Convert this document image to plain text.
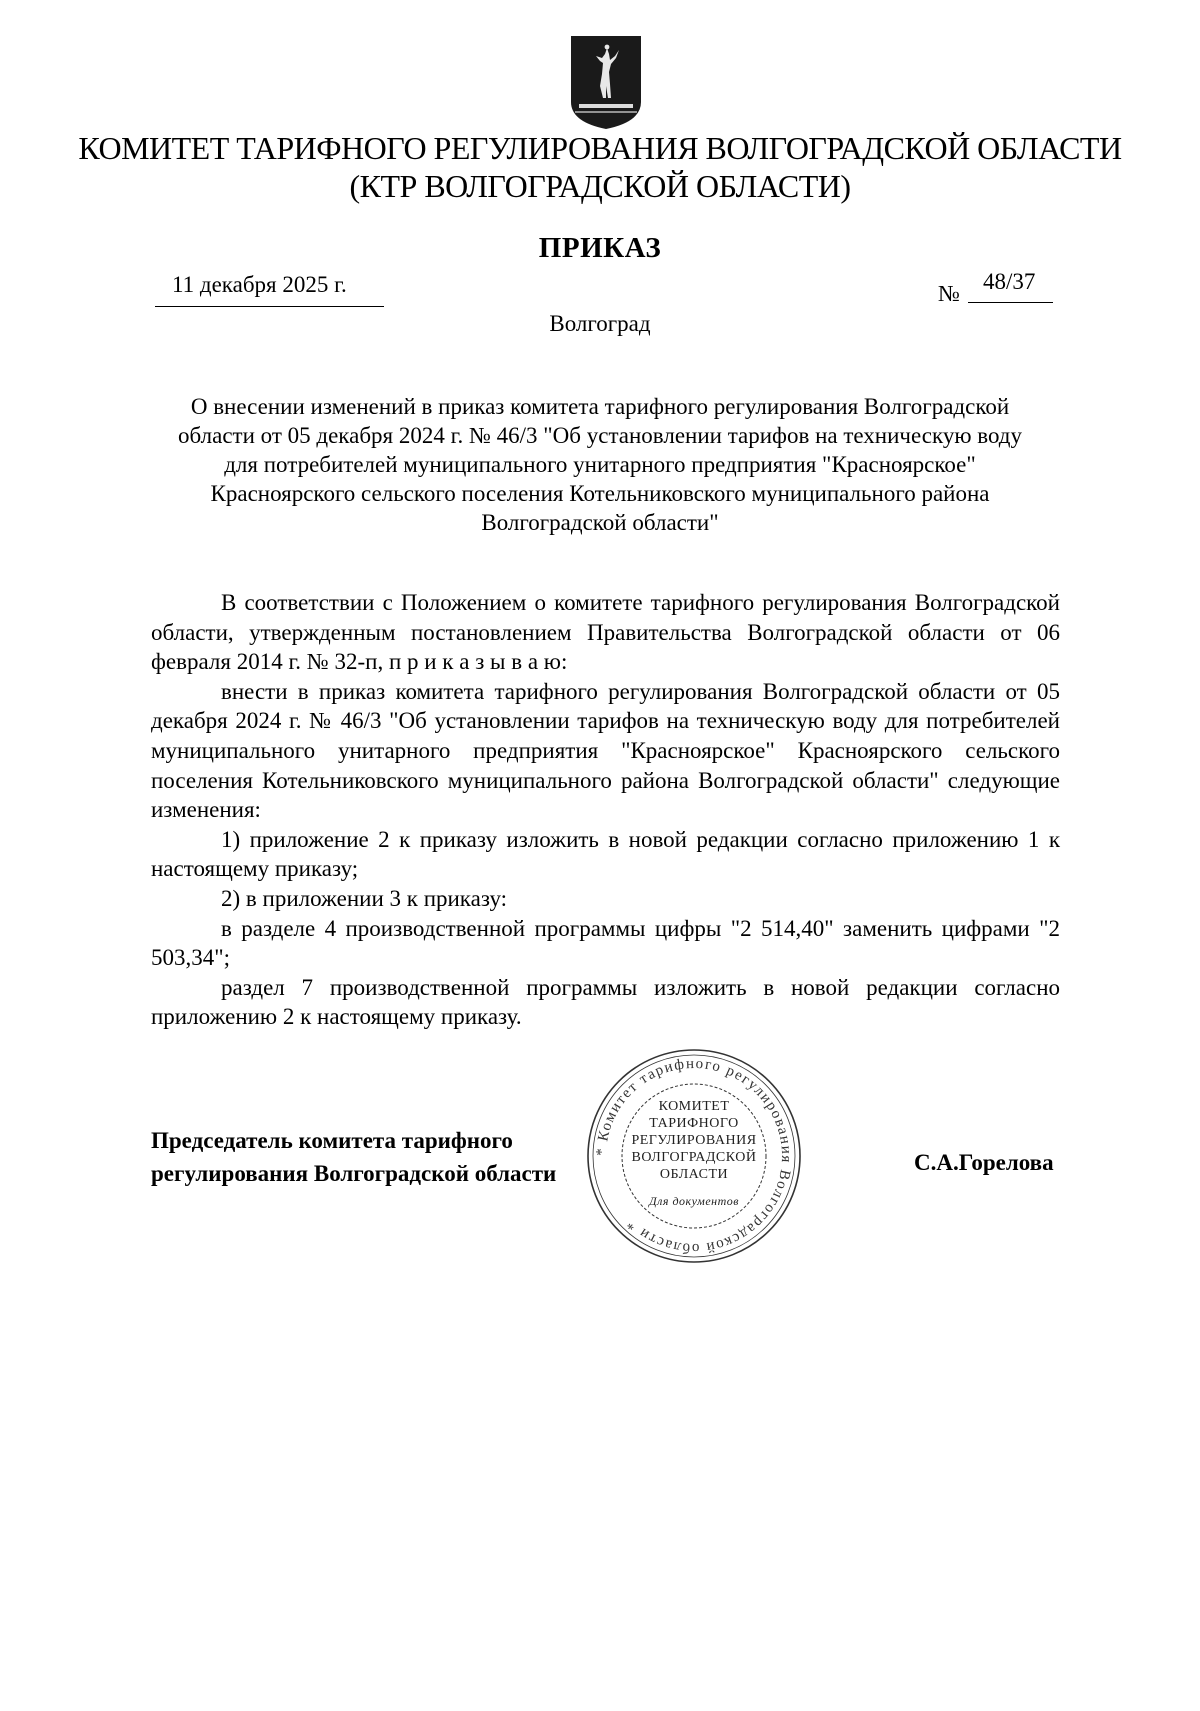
КОМИТЕТ ТАРИФНОГО РЕГУЛИРОВАНИЯ ВОЛГОГРАДСКОЙ ОБЛАСТИ
(КТР ВОЛГОГРАДСКОЙ ОБЛАСТИ)
ПРИКАЗ
11 декабря 2025 г.	№ 48/37
Волгоград
О внесении изменений в приказ комитета тарифного регулирования Волгоградской
области от 05 декабря 2024 г. № 46/3 "Об установлении тарифов на техническую воду
для потребителей муниципального унитарного предприятия "Красноярское"
Красноярского сельского поселения Котельниковского муниципального района
Волгоградской области"

В соответствии с Положением о комитете тарифного регулирования Волгоградской области, утвержденным постановлением Правительства Волгоградской области от 06 февраля 2014 г. № 32-п, п р и к а з ы в а ю:

внести в приказ комитета тарифного регулирования Волгоградской области от 05 декабря 2024 г. № 46/3 "Об установлении тарифов на техническую воду для потребителей муниципального унитарного предприятия "Красноярское" Красноярского сельского поселения Котельниковского муниципального района Волгоградской области" следующие изменения:

1) приложение 2 к приказу изложить в новой редакции согласно приложению 1 к настоящему приказу;

2) в приложении 3 к приказу:

в разделе 4 производственной программы цифры "2 514,40" заменить цифрами "2 503,34";

раздел 7 производственной программы изложить в новой редакции согласно приложению 2 к настоящему приказу.

Председатель комитета тарифного
регулирования Волгоградской области
* Комитет тарифного регулирования Волгоградской области *
КОМИТЕТ
ТАРИФНОГО
РЕГУЛИРОВАНИЯ
ВОЛГОГРАДСКОЙ
ОБЛАСТИ
Для документов
С.А.Горелова
